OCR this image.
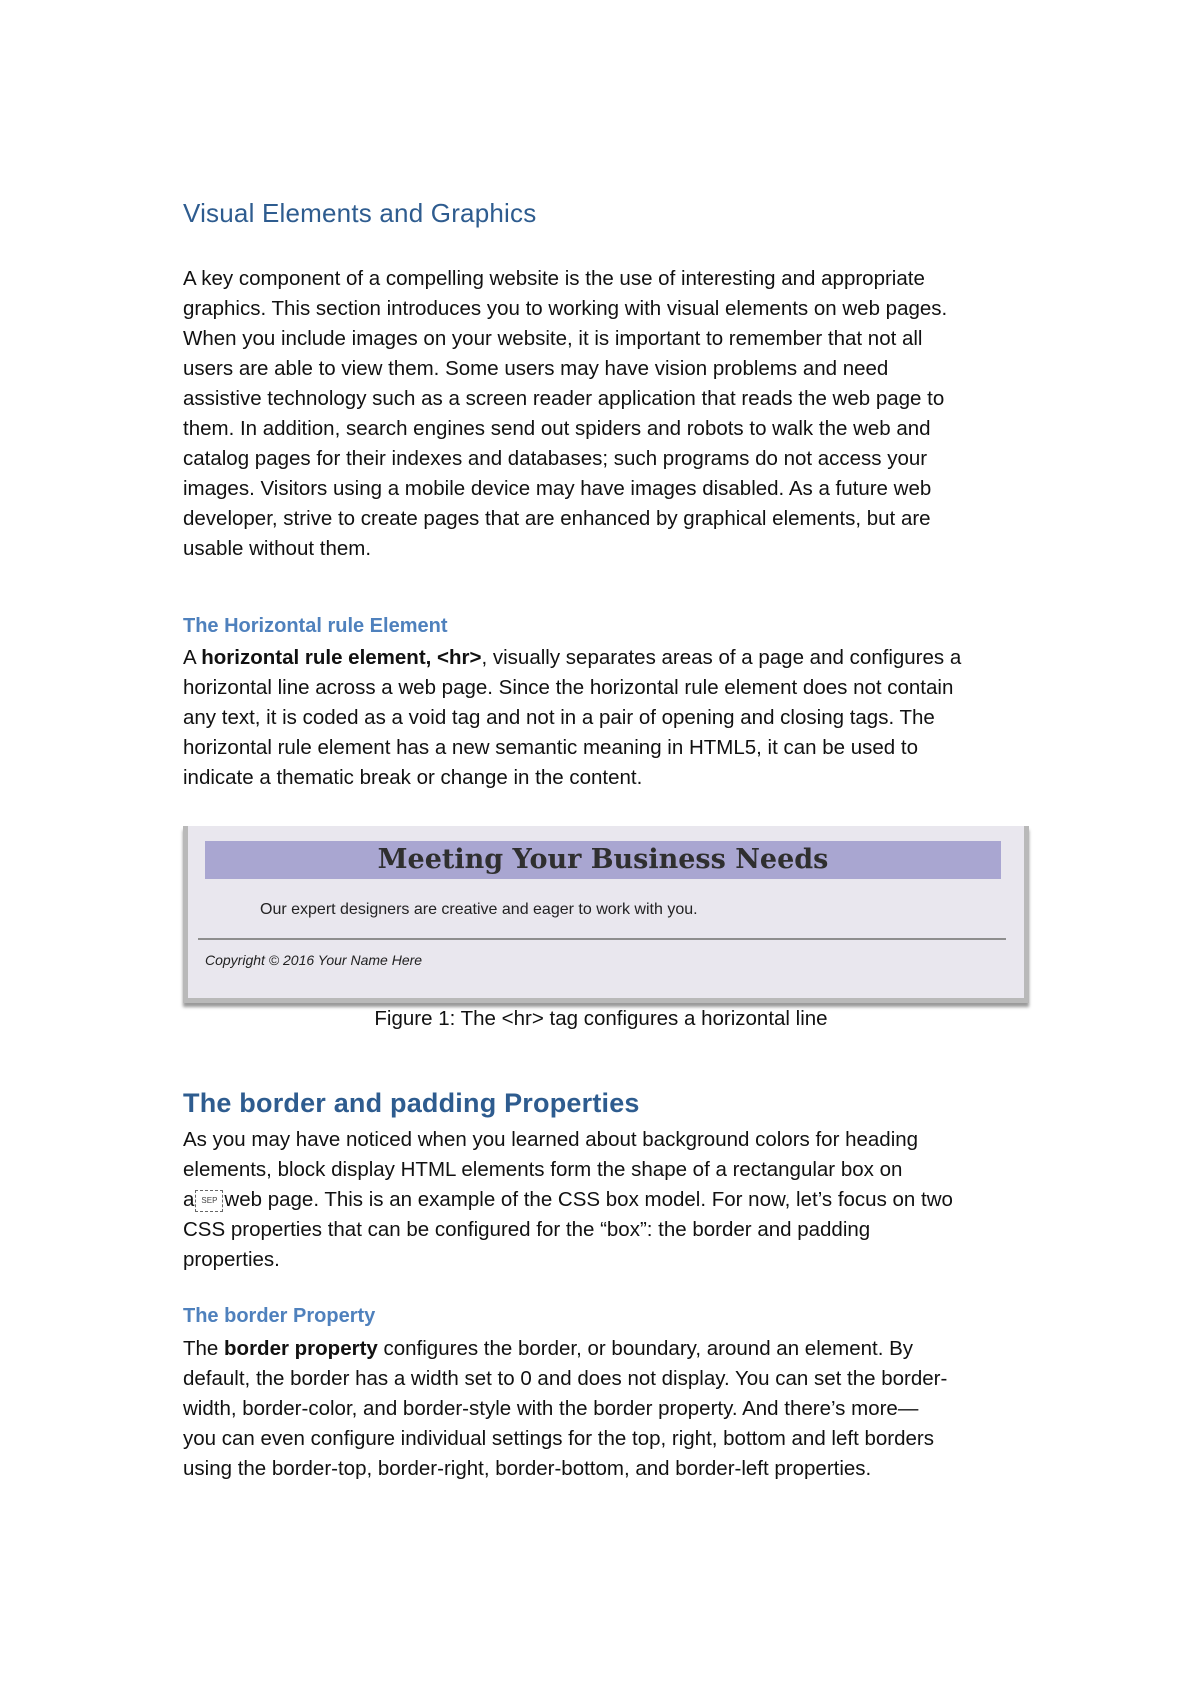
Visual Elements and Graphics
A key component of a compelling website is the use of interesting and appropriate
graphics. This section introduces you to working with visual elements on web pages.
When you include images on your website, it is important to remember that not all
users are able to view them. Some users may have vision problems and need
assistive technology such as a screen reader application that reads the web page to
them. In addition, search engines send out spiders and robots to walk the web and
catalog pages for their indexes and databases; such programs do not access your
images. Visitors using a mobile device may have images disabled. As a future web
developer, strive to create pages that are enhanced by graphical elements, but are
usable without them.
The Horizontal rule Element
A horizontal rule element, <hr>, visually separates areas of a page and configures a
horizontal line across a web page. Since the horizontal rule element does not contain
any text, it is coded as a void tag and not in a pair of opening and closing tags. The
horizontal rule element has a new semantic meaning in HTML5, it can be used to
indicate a thematic break or change in the content.
Meeting Your Business Needs
Our expert designers are creative and eager to work with you.
Copyright © 2016 Your Name Here
Figure 1: The <hr> tag configures a horizontal line
The border and padding Properties
As you may have noticed when you learned about background colors for heading
elements, block display HTML elements form the shape of a rectangular box on
a SEP web page. This is an example of the CSS box model. For now, let’s focus on two
CSS properties that can be configured for the “box”: the border and padding
properties.
The border Property
The border property configures the border, or boundary, around an element. By
default, the border has a width set to 0 and does not display. You can set the border-
width, border-color, and border-style with the border property. And there’s more—
you can even configure individual settings for the top, right, bottom and left borders
using the border-top, border-right, border-bottom, and border-left properties.
